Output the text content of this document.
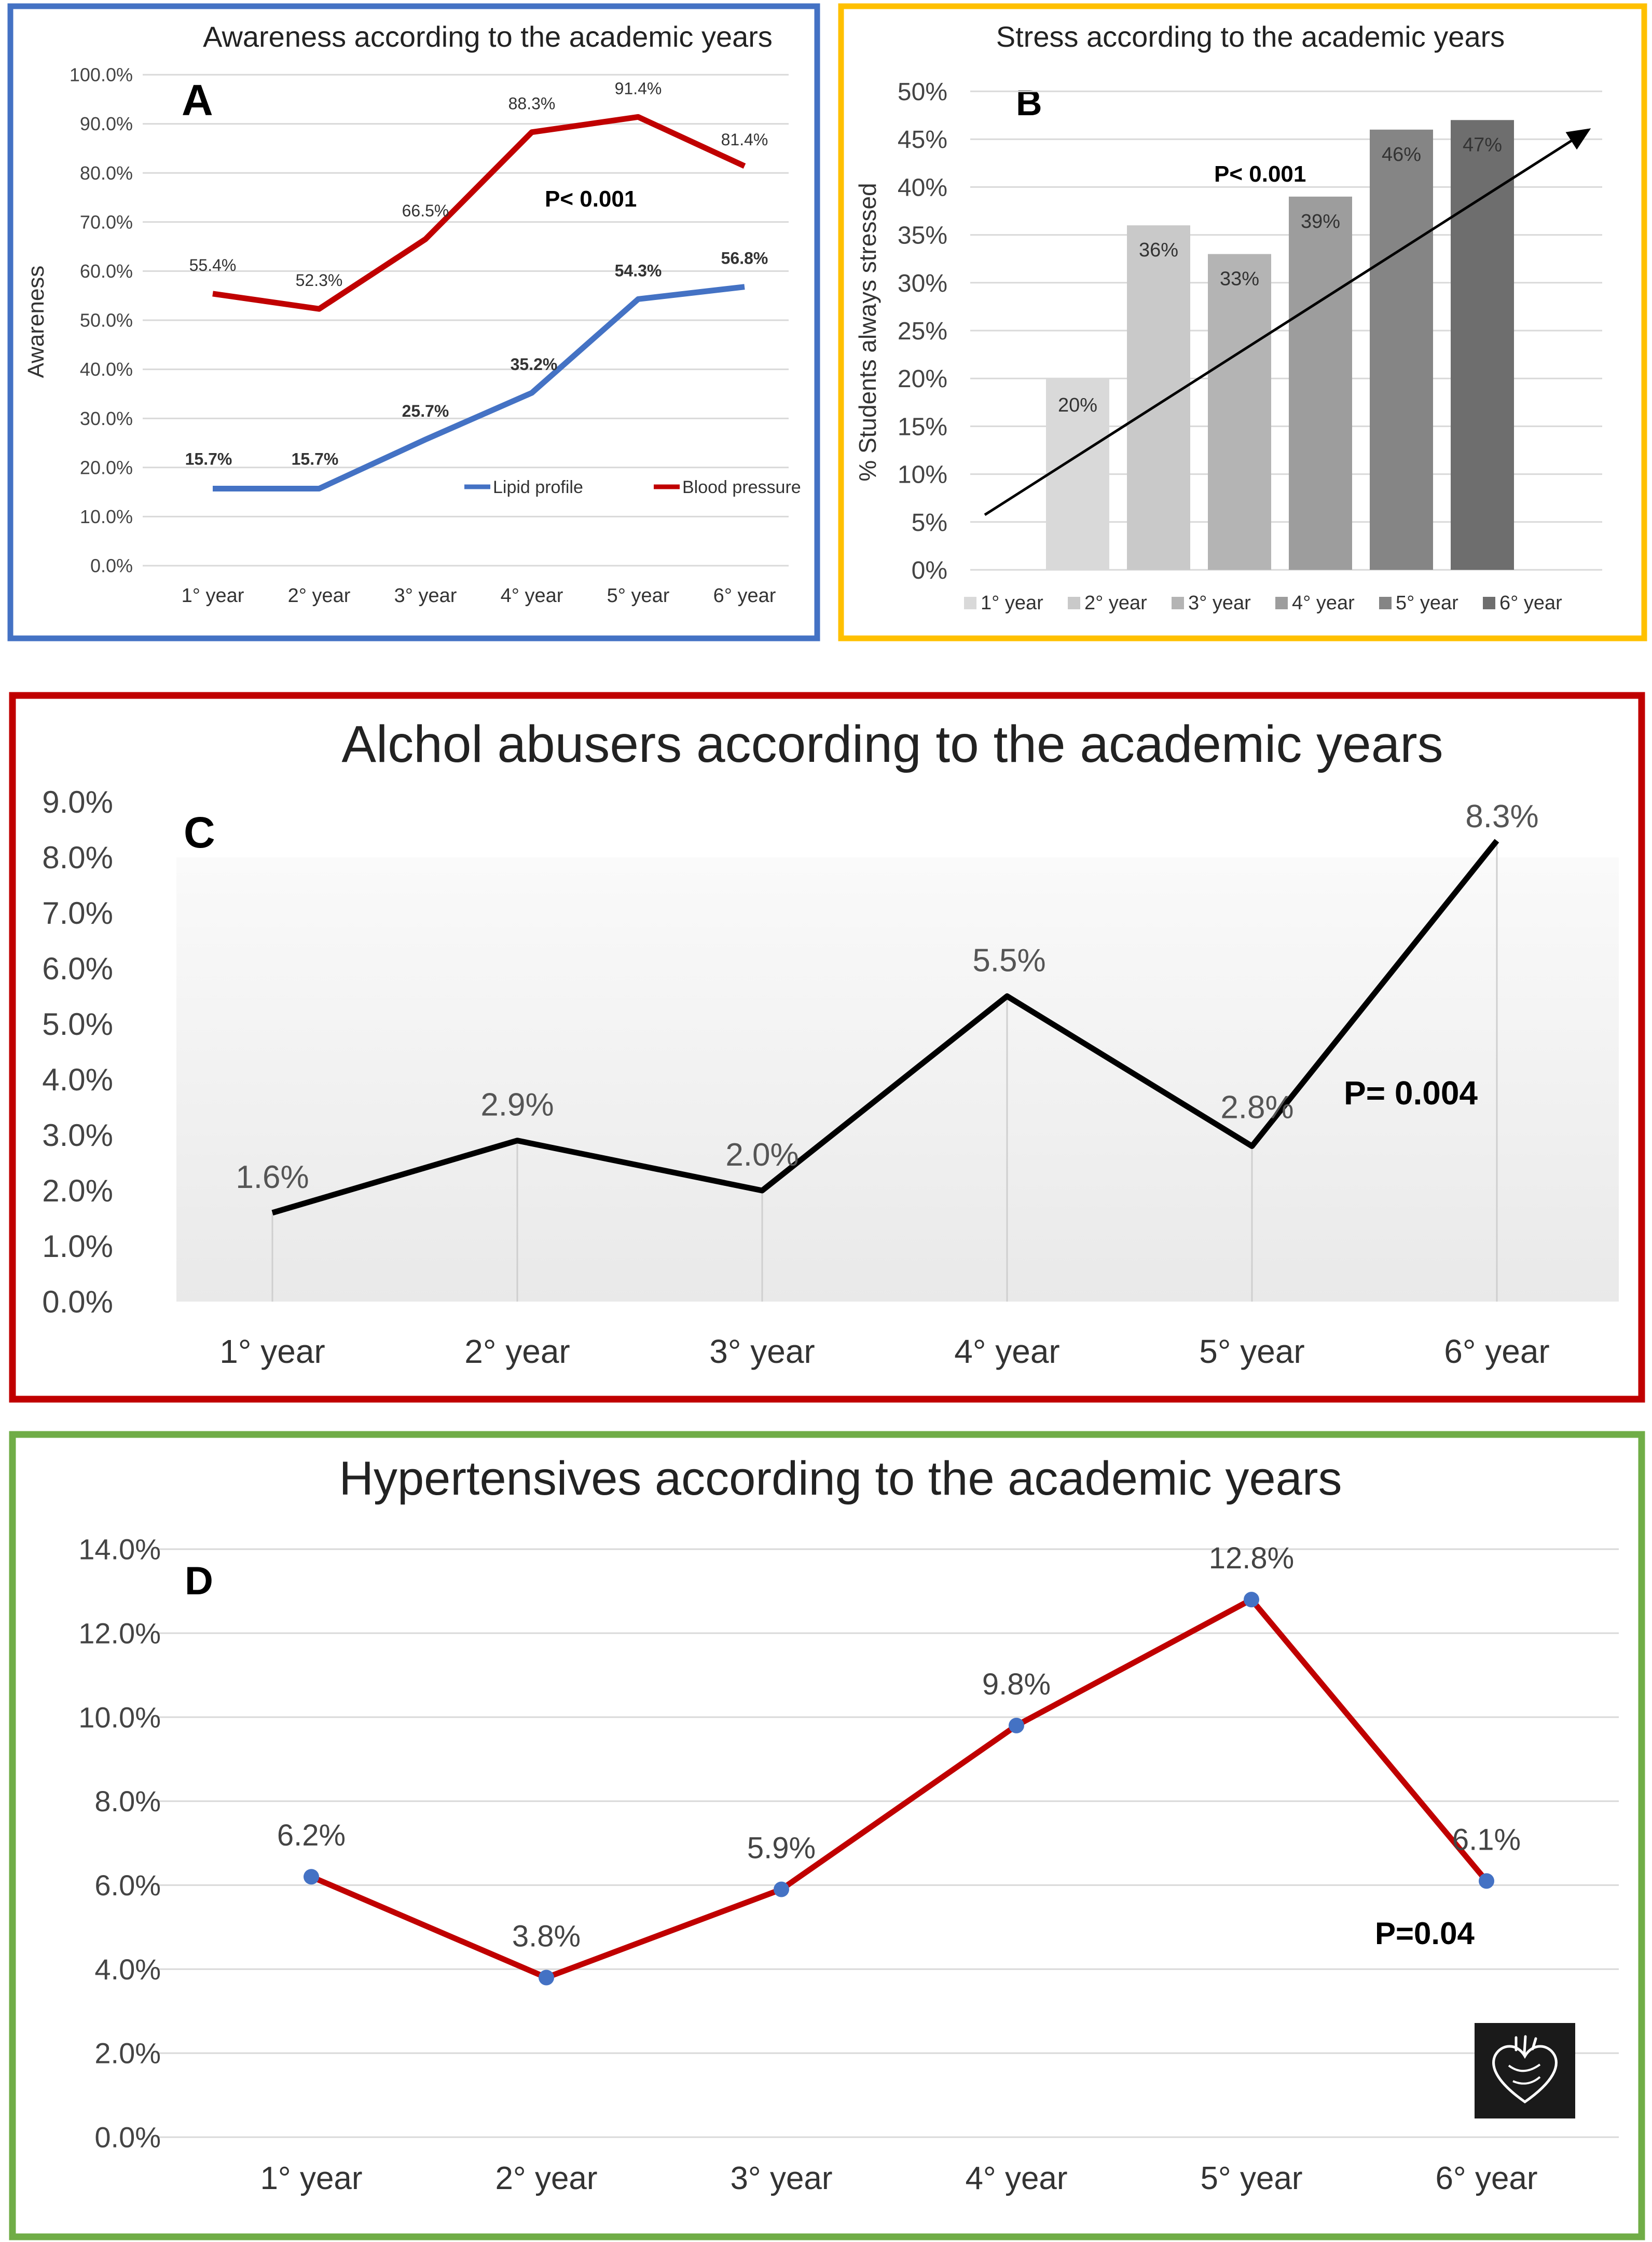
Awareness according to the academic years
A
Awareness
0.0%
10.0%
20.0%
30.0%
40.0%
50.0%
60.0%
70.0%
80.0%
90.0%
100.0%
1° year 2° year 3° year 4° year 5° year 6° year
15.7%	15.7%
25.7%
35.2%
54.3%
56.8%
55.4%
52.3%
66.5%
88.3%
91.4%
81.4%
Lipid profile	Blood pressure
P< 0.001
Stress according to the academic years
B
% Students always stressed
0%
5%
10%
15%
20%
25%
30%
35%
40%
45%
50%
20%
36%
33%
39%
46% 47%
P< 0.001
1° year 2° year 3° year 4° year 5° year 6° year
Alchol abusers according to the academic years
C
0.0%
1.0%
2.0%
3.0%
4.0%
5.0%
6.0%
7.0%
8.0%
9.0%
1° year	2° year	3° year	4° year	5° year	6° year
1.6%
2.9%
2.0%
5.5%
2.8%
8.3%
P= 0.004
Hypertensives according to the academic years
D
0.0%
2.0%
4.0%
6.0%
8.0%
10.0%
12.0%
14.0%
1° year	2° year	3° year	4° year	5° year	6° year
6.2%
3.8%
5.9%
9.8%
12.8%
6.1%
P=0.04
